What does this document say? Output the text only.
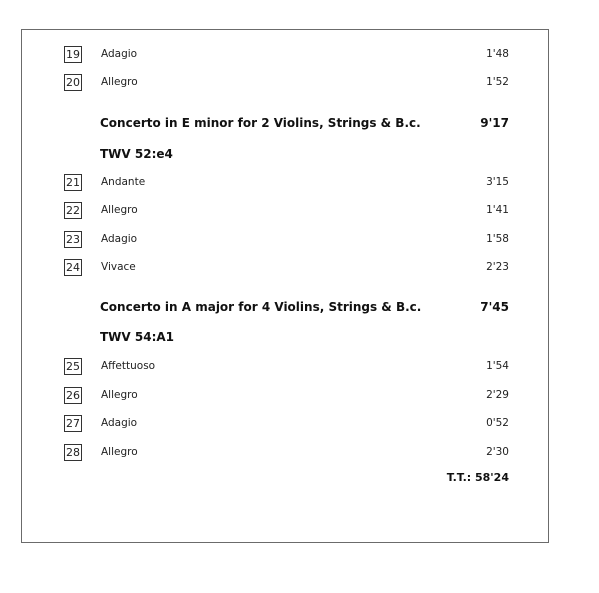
19 Adagio	1'48
20 Allegro	1'52
Concerto in E minor for 2 Violins, Strings & B.c.	9'17
TWV 52:e4
21 Andante	3'15
22 Allegro	1'41
23 Adagio	1'58
24 Vivace	2'23
Concerto in A major for 4 Violins, Strings & B.c.	7'45
TWV 54:A1
25 Affettuoso	1'54
26 Allegro	2'29
27 Adagio	0'52
28 Allegro	2'30
T.T.: 58'24
